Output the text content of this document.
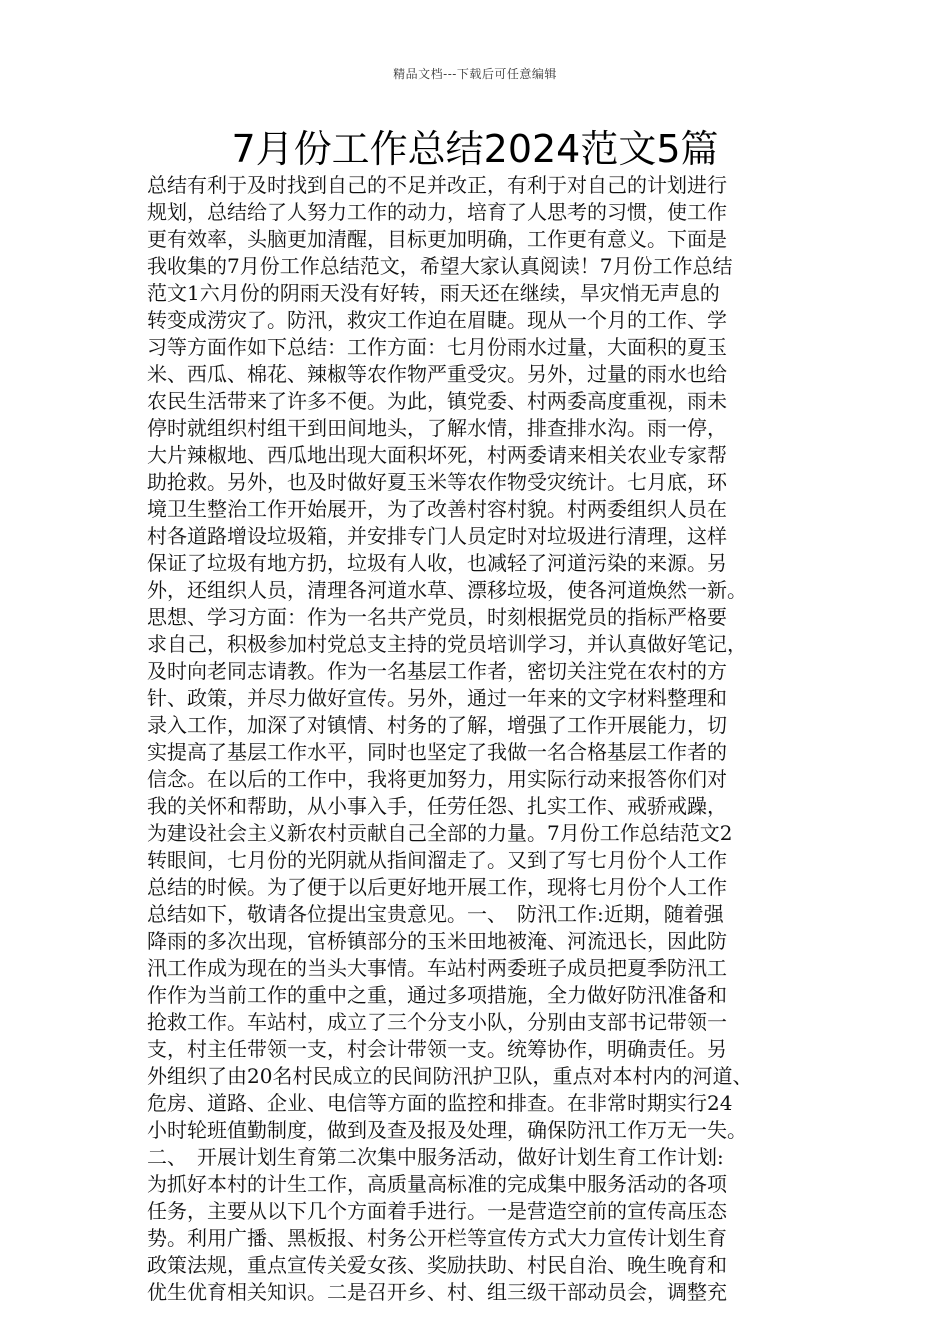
精品文档---下载后可任意编辑
7月份工作总结2024范文5篇
总结有利于及时找到自己的不足并改正，有利于对自己的计划进行
规划，总结给了人努力工作的动力，培育了人思考的习惯，使工作
更有效率，头脑更加清醒，目标更加明确，工作更有意义。下面是
我收集的7月份工作总结范文，希望大家认真阅读！7月份工作总结
范文1六月份的阴雨天没有好转，雨天还在继续，旱灾悄无声息的
转变成涝灾了。防汛，救灾工作迫在眉睫。现从一个月的工作、学
习等方面作如下总结：工作方面：七月份雨水过量，大面积的夏玉
米、西瓜、棉花、辣椒等农作物严重受灾。另外，过量的雨水也给
农民生活带来了许多不便。为此，镇党委、村两委高度重视，雨未
停时就组织村组干到田间地头，了解水情，排查排水沟。雨一停，
大片辣椒地、西瓜地出现大面积坏死，村两委请来相关农业专家帮
助抢救。另外，也及时做好夏玉米等农作物受灾统计。七月底，环
境卫生整治工作开始展开，为了改善村容村貌。村两委组织人员在
村各道路增设垃圾箱，并安排专门人员定时对垃圾进行清理，这样
保证了垃圾有地方扔，垃圾有人收，也减轻了河道污染的来源。另
外，还组织人员，清理各河道水草、漂移垃圾，使各河道焕然一新。
思想、学习方面：作为一名共产党员，时刻根据党员的指标严格要
求自己，积极参加村党总支主持的党员培训学习，并认真做好笔记，
及时向老同志请教。作为一名基层工作者，密切关注党在农村的方
针、政策，并尽力做好宣传。另外，通过一年来的文字材料整理和
录入工作，加深了对镇情、村务的了解，增强了工作开展能力，切
实提高了基层工作水平，同时也坚定了我做一名合格基层工作者的
信念。在以后的工作中，我将更加努力，用实际行动来报答你们对
我的关怀和帮助，从小事入手，任劳任怨、扎实工作、戒骄戒躁，
为建设社会主义新农村贡献自己全部的力量。7月份工作总结范文2
转眼间，七月份的光阴就从指间溜走了。又到了写七月份个人工作
总结的时候。为了便于以后更好地开展工作，现将七月份个人工作
总结如下，敬请各位提出宝贵意见。一、　防汛工作:近期，随着强
降雨的多次出现，官桥镇部分的玉米田地被淹、河流迅长，因此防
汛工作成为现在的当头大事情。车站村两委班子成员把夏季防汛工
作作为当前工作的重中之重，通过多项措施，全力做好防汛准备和
抢救工作。车站村，成立了三个分支小队，分别由支部书记带领一
支，村主任带领一支，村会计带领一支。统筹协作，明确责任。另
外组织了由20名村民成立的民间防汛护卫队，重点对本村内的河道、
危房、道路、企业、电信等方面的监控和排查。在非常时期实行24
小时轮班值勤制度，做到及查及报及处理，确保防汛工作万无一失。
二、　开展计划生育第二次集中服务活动，做好计划生育工作计划:
为抓好本村的计生工作，高质量高标准的完成集中服务活动的各项
任务，主要从以下几个方面着手进行。一是营造空前的宣传高压态
势。利用广播、黑板报、村务公开栏等宣传方式大力宣传计划生育
政策法规，重点宣传关爱女孩、奖励扶助、村民自治、晚生晚育和
优生优育相关知识。二是召开乡、村、组三级干部动员会，调整充
